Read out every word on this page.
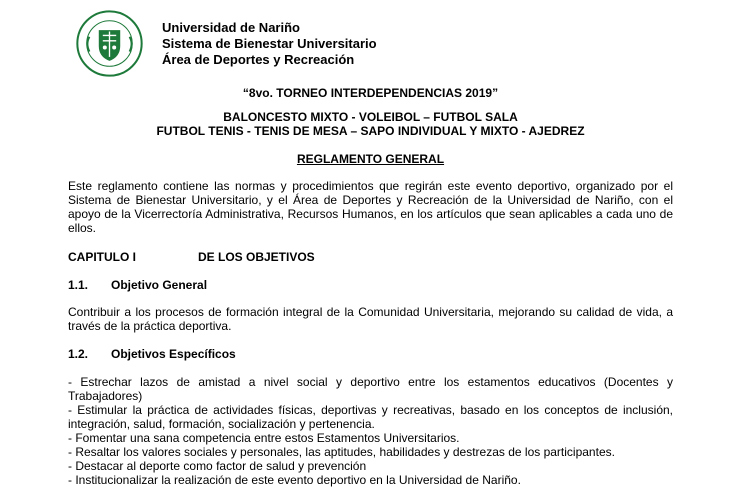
Universidad de Nariño
Sistema de Bienestar Universitario
Área de Deportes y Recreación
“8vo. TORNEO INTERDEPENDENCIAS 2019”
BALONCESTO MIXTO - VOLEIBOL – FUTBOL SALA
FUTBOL TENIS - TENIS DE MESA – SAPO INDIVIDUAL Y MIXTO - AJEDREZ
REGLAMENTO GENERAL
Este reglamento contiene las normas y procedimientos que regirán este evento deportivo, organizado por el Sistema de Bienestar Universitario, y el Área de Deportes y Recreación de la Universidad de Nariño, con el apoyo de la Vicerrectoría Administrativa, Recursos Humanos, en los artículos que sean aplicables a cada uno de ellos.
CAPITULO I	DE LOS OBJETIVOS
1.1. Objetivo General
Contribuir a los procesos de formación integral de la Comunidad Universitaria, mejorando su calidad de vida, a través de la práctica deportiva.
1.2. Objetivos Específicos
- Estrechar lazos de amistad a nivel social y deportivo entre los estamentos educativos (Docentes y Trabajadores)
- Estimular la práctica de actividades físicas, deportivas y recreativas, basado en los conceptos de inclusión, integración, salud, formación, socialización y pertenencia.
- Fomentar una sana competencia entre estos Estamentos Universitarios.
- Resaltar los valores sociales y personales, las aptitudes, habilidades y destrezas de los participantes.
- Destacar al deporte como factor de salud y prevención
- Institucionalizar la realización de este evento deportivo en la Universidad de Nariño.
